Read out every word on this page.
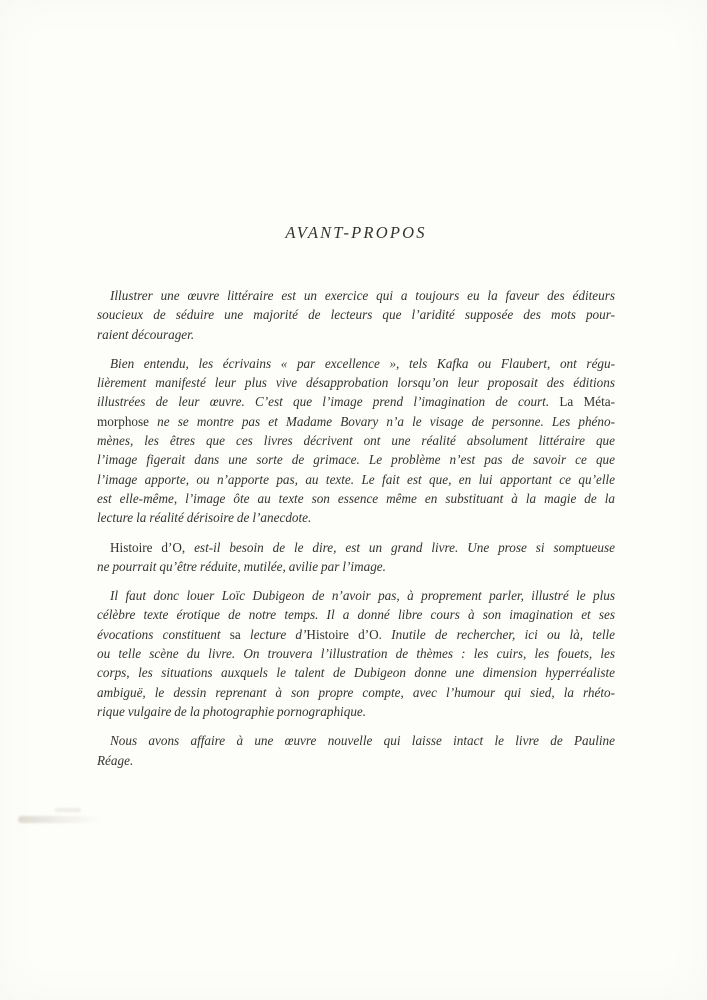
AVANT-PROPOS
Illustrer une œuvre littéraire est un exercice qui a toujours eu la faveur des éditeurs
soucieux de séduire une majorité de lecteurs que l’aridité supposée des mots pour-
raient décourager.
Bien entendu, les écrivains « par excellence », tels Kafka ou Flaubert, ont régu-
lièrement manifesté leur plus vive désapprobation lorsqu’on leur proposait des éditions
illustrées de leur œuvre. C’est que l’image prend l’imagination de court. La Méta-
morphose ne se montre pas et Madame Bovary n’a le visage de personne. Les phéno-
mènes, les êtres que ces livres décrivent ont une réalité absolument littéraire que
l’image figerait dans une sorte de grimace. Le problème n’est pas de savoir ce que
l’image apporte, ou n’apporte pas, au texte. Le fait est que, en lui apportant ce qu’elle
est elle-même, l’image ôte au texte son essence même en substituant à la magie de la
lecture la réalité dérisoire de l’anecdote.
Histoire d’O, est-il besoin de le dire, est un grand livre. Une prose si somptueuse
ne pourrait qu’être réduite, mutilée, avilie par l’image.
Il faut donc louer Loïc Dubigeon de n’avoir pas, à proprement parler, illustré le plus
célèbre texte érotique de notre temps. Il a donné libre cours à son imagination et ses
évocations constituent sa lecture d’Histoire d’O. Inutile de rechercher, ici ou là, telle
ou telle scène du livre. On trouvera l’illustration de thèmes : les cuirs, les fouets, les
corps, les situations auxquels le talent de Dubigeon donne une dimension hyperréaliste
ambiguë, le dessin reprenant à son propre compte, avec l’humour qui sied, la rhéto-
rique vulgaire de la photographie pornographique.
Nous avons affaire à une œuvre nouvelle qui laisse intact le livre de Pauline
Réage.
